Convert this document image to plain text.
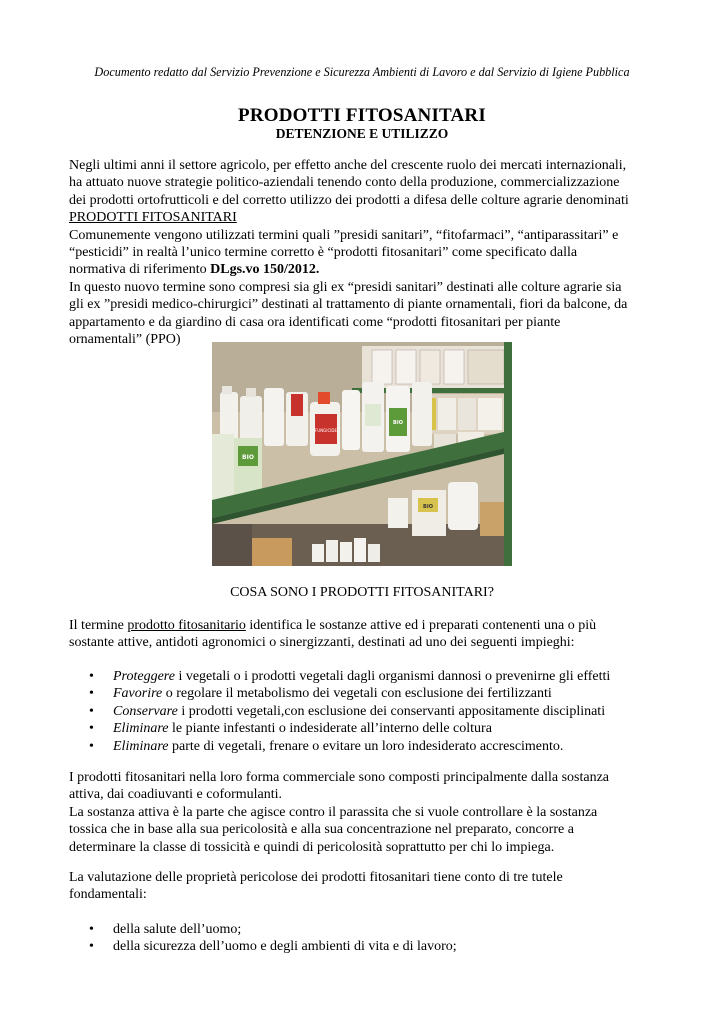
Documento redatto dal Servizio Prevenzione e Sicurezza Ambienti di Lavoro e dal Servizio di Igiene Pubblica
PRODOTTI FITOSANITARI
DETENZIONE E UTILIZZO
Negli ultimi anni il settore agricolo, per effetto anche del crescente ruolo dei mercati internazionali,
ha attuato nuove strategie politico-aziendali tenendo conto della produzione, commercializzazione
dei prodotti ortofrutticoli e del corretto utilizzo dei prodotti a difesa delle colture agrarie denominati
PRODOTTI FITOSANITARI
Comunemente vengono utilizzati termini quali ”presidi sanitari”, “fitofarmaci”, “antiparassitari” e
“pesticidi” in realtà l’unico termine corretto è “prodotti fitosanitari” come specificato dalla
normativa di riferimento DLgs.vo 150/2012.
In questo nuovo termine sono compresi sia gli ex “presidi sanitari” destinati alle colture agrarie sia
gli ex ”presidi medico-chirurgici” destinati al trattamento di piante ornamentali, fiori da balcone, da
appartamento e da giardino di casa ora identificati come “prodotti fitosanitari per piante
ornamentali” (PPO)
FUNGICIDE
BIO
BIO
BIO
COSA SONO I PRODOTTI FITOSANITARI?
Il termine prodotto fitosanitario identifica le sostanze attive ed i preparati contenenti una o più
sostante attive, antidoti agronomici o sinergizzanti, destinati ad uno dei seguenti impieghi:
• Proteggere i vegetali o i prodotti vegetali dagli organismi dannosi o prevenirne gli effetti
• Favorire o regolare il metabolismo dei vegetali con esclusione dei fertilizzanti
• Conservare i prodotti vegetali,con esclusione dei conservanti appositamente disciplinati
• Eliminare le piante infestanti o indesiderate all’interno delle coltura
• Eliminare parte di vegetali, frenare o evitare un loro indesiderato accrescimento.
I prodotti fitosanitari nella loro forma commerciale sono composti principalmente dalla sostanza
attiva, dai coadiuvanti e coformulanti.
La sostanza attiva è la parte che agisce contro il parassita che si vuole controllare è la sostanza
tossica che in base alla sua pericolosità e alla sua concentrazione nel preparato, concorre a
determinare la classe di tossicità e quindi di pericolosità soprattutto per chi lo impiega.
La valutazione delle proprietà pericolose dei prodotti fitosanitari tiene conto di tre tutele
fondamentali:
• della salute dell’uomo;
• della sicurezza dell’uomo e degli ambienti di vita e di lavoro;
